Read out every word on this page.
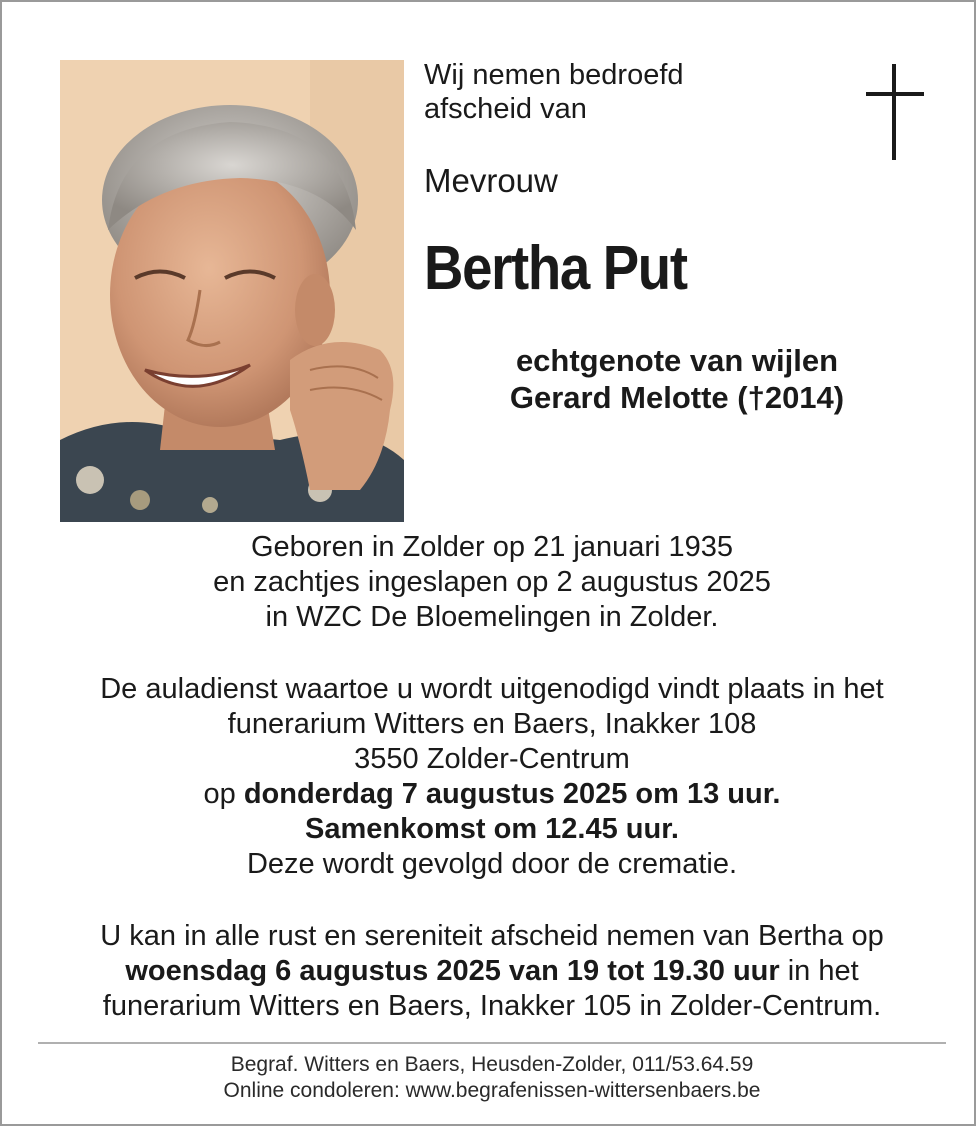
Wij nemen bedroefd
afscheid van
Mevrouw
Bertha Put
echtgenote van wijlen
Gerard Melotte (†2014)
Geboren in Zolder op 21 januari 1935
en zachtjes ingeslapen op 2 augustus 2025
in WZC De Bloemelingen in Zolder.
De auladienst waartoe u wordt uitgenodigd vindt plaats in het
funerarium Witters en Baers, Inakker 108
3550 Zolder-Centrum
op donderdag 7 augustus 2025 om 13 uur.
Samenkomst om 12.45 uur.
Deze wordt gevolgd door de crematie.
U kan in alle rust en sereniteit afscheid nemen van Bertha op
woensdag 6 augustus 2025 van 19 tot 19.30 uur in het
funerarium Witters en Baers, Inakker 105 in Zolder-Centrum.
Begraf. Witters en Baers, Heusden-Zolder, 011/53.64.59
Online condoleren: www.begrafenissen-wittersenbaers.be
